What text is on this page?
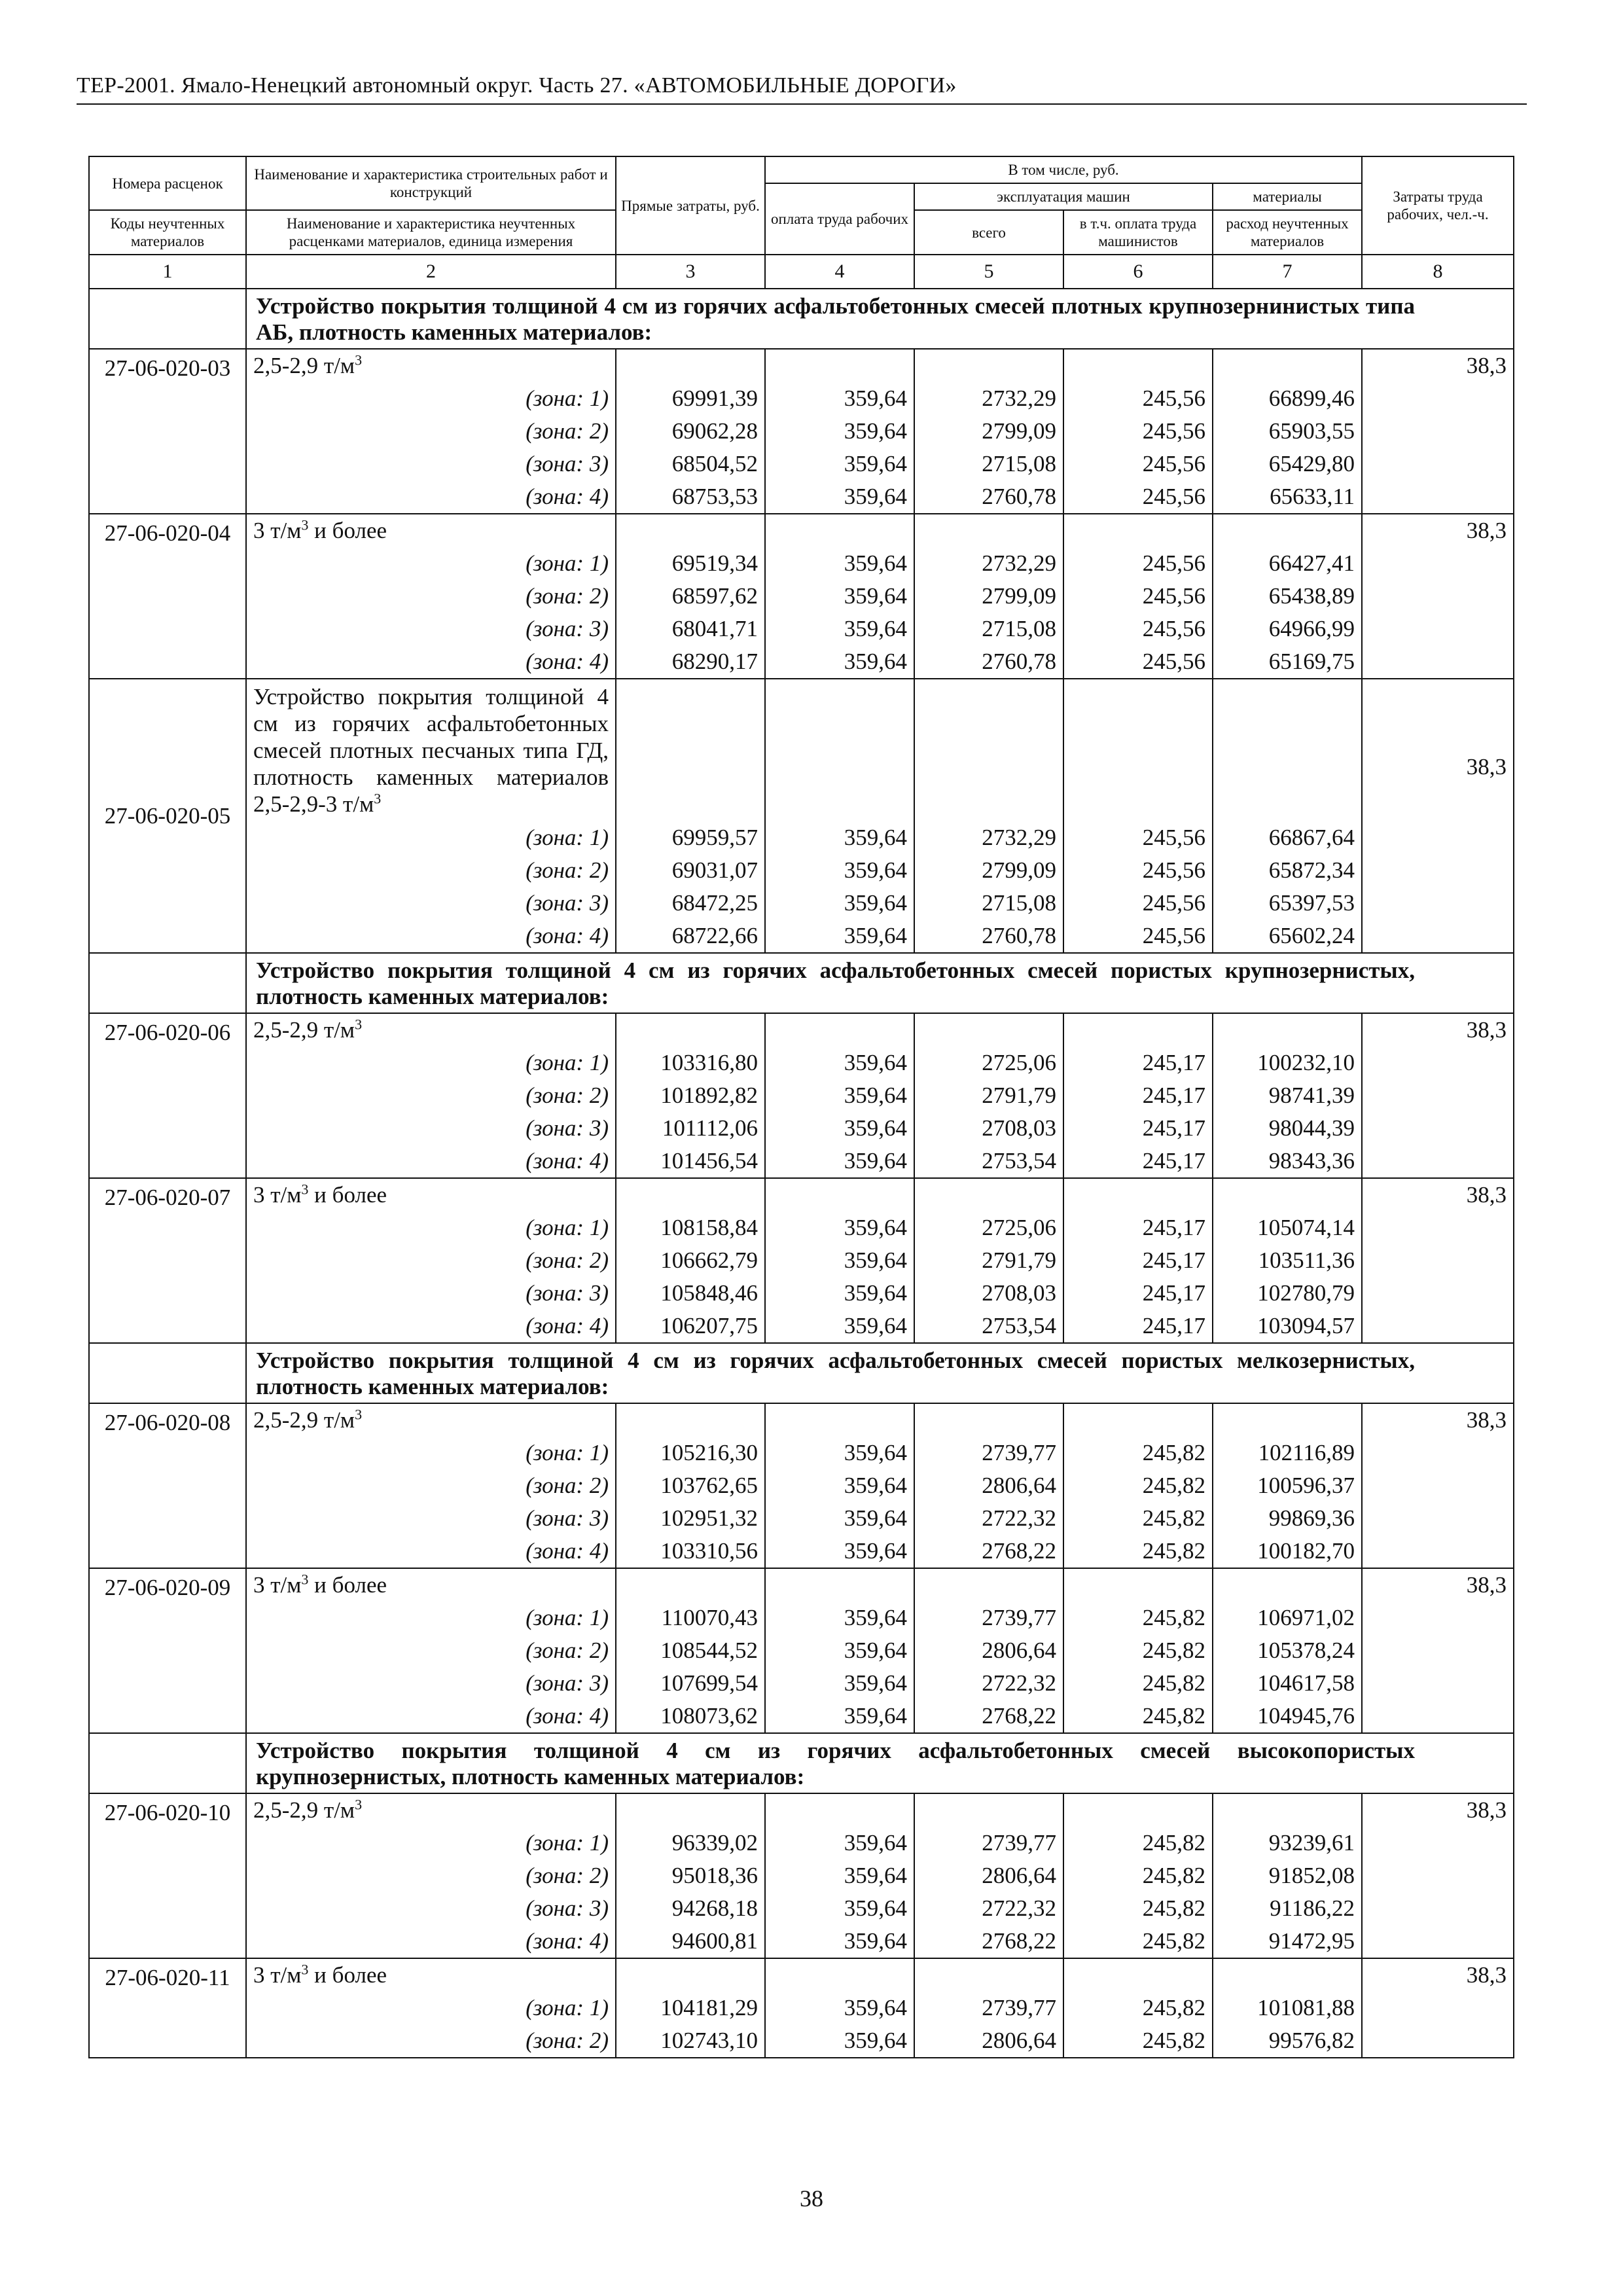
ТЕР-2001. Ямало-Ненецкий автономный округ. Часть 27. «АВТОМОБИЛЬНЫЕ ДОРОГИ»
Номера расценок	Наименование и характеристика строительных работ и конструкций	Прямые затраты, руб.	В том числе, руб.				Затраты труда рабочих, чел.-ч.
			оплата труда рабочих	эксплуатация машин		материалы	
Коды неучтенных материалов	Наименование и характеристика неучтенных расценками материалов, единица измерения			всего	в т.ч. оплата труда машинистов	расход неучтенных материалов	
1	2	3	4	5	6	7	8
	Устройство покрытия толщиной 4 см из горячих асфальтобетонных смесей плотных крупнозернинистых типа АБ, плотность каменных материалов:						
27-06-020-03	2,5-2,9 $т/м^3$						38,3
	(зона: 1)	69991,39	359,64	2732,29	245,56	66899,46	
	(зона: 2)	69062,28	359,64	2799,09	245,56	65903,55	
	(зона: 3)	68504,52	359,64	2715,08	245,56	65429,80	
	(зона: 4)	68753,53	359,64	2760,78	245,56	65633,11	
27-06-020-04	3 $т/м^3$ и более						38,3
	(зона: 1)	69519,34	359,64	2732,29	245,56	66427,41	
	(зона: 2)	68597,62	359,64	2799,09	245,56	65438,89	
	(зона: 3)	68041,71	359,64	2715,08	245,56	64966,99	
	(зона: 4)	68290,17	359,64	2760,78	245,56	65169,75	
27-06-020-05	Устройство покрытия толщиной 4 см из горячих асфальтобетонных смесей плотных песчаных типа ГД, плотность каменных материалов 2,5-2,9-3 $т/м^3$						38,3
	(зона: 1)	69959,57	359,64	2732,29	245,56	66867,64	
	(зона: 2)	69031,07	359,64	2799,09	245,56	65872,34	
	(зона: 3)	68472,25	359,64	2715,08	245,56	65397,53	
	(зона: 4)	68722,66	359,64	2760,78	245,56	65602,24	
	Устройство покрытия толщиной 4 см из горячих асфальтобетонных смесей пористых крупнозернистых, плотность каменных материалов:						
27-06-020-06	2,5-2,9 $т/м^3$						38,3
	(зона: 1)	103316,80	359,64	2725,06	245,17	100232,10	
	(зона: 2)	101892,82	359,64	2791,79	245,17	98741,39	
	(зона: 3)	101112,06	359,64	2708,03	245,17	98044,39	
	(зона: 4)	101456,54	359,64	2753,54	245,17	98343,36	
27-06-020-07	3 $т/м^3$ и более						38,3
	(зона: 1)	108158,84	359,64	2725,06	245,17	105074,14	
	(зона: 2)	106662,79	359,64	2791,79	245,17	103511,36	
	(зона: 3)	105848,46	359,64	2708,03	245,17	102780,79	
	(зона: 4)	106207,75	359,64	2753,54	245,17	103094,57	
	Устройство покрытия толщиной 4 см из горячих асфальтобетонных смесей пористых мелкозернистых, плотность каменных материалов:						
27-06-020-08	2,5-2,9 $т/м^3$						38,3
	(зона: 1)	105216,30	359,64	2739,77	245,82	102116,89	
	(зона: 2)	103762,65	359,64	2806,64	245,82	100596,37	
	(зона: 3)	102951,32	359,64	2722,32	245,82	99869,36	
	(зона: 4)	103310,56	359,64	2768,22	245,82	100182,70	
27-06-020-09	3 $т/м^3$ и более						38,3
	(зона: 1)	110070,43	359,64	2739,77	245,82	106971,02	
	(зона: 2)	108544,52	359,64	2806,64	245,82	105378,24	
	(зона: 3)	107699,54	359,64	2722,32	245,82	104617,58	
	(зона: 4)	108073,62	359,64	2768,22	245,82	104945,76	
	Устройство покрытия толщиной 4 см из горячих асфальтобетонных смесей высокопористых крупнозернистых, плотность каменных материалов:						
27-06-020-10	2,5-2,9 $т/м^3$						38,3
	(зона: 1)	96339,02	359,64	2739,77	245,82	93239,61	
	(зона: 2)	95018,36	359,64	2806,64	245,82	91852,08	
	(зона: 3)	94268,18	359,64	2722,32	245,82	91186,22	
	(зона: 4)	94600,81	359,64	2768,22	245,82	91472,95	
27-06-020-11	3 $т/м^3$ и более						38,3
	(зона: 1)	104181,29	359,64	2739,77	245,82	101081,88	
	(зона: 2)	102743,10	359,64	2806,64	245,82	99576,82	
38
